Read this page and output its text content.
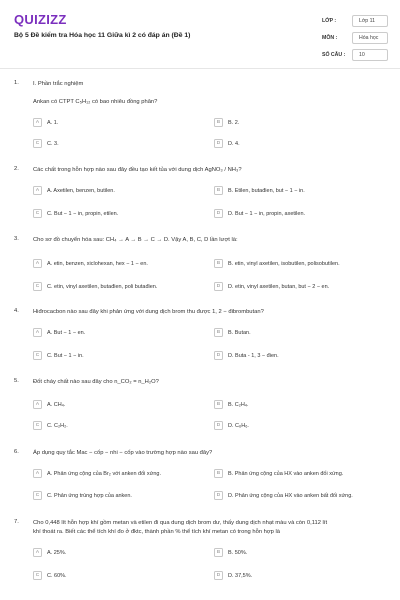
QUIZIZZ
Bộ 5 Đề kiểm tra Hóa học 11 Giữa kì 2 có đáp án (Đề 1)
LỚP :	Lớp 11
MÔN :	Hóa học
SỐ CÂU :	10
1. I. Phần trắc nghiệm
Ankan có CTPT C₅H₁₂ có bao nhiêu đồng phân?
A	A. 1.	B	B. 2.
C	C. 3.	D	D. 4.
2. Các chất trong hỗn hợp nào sau đây đều tạo kết tủa với dung dịch AgNO₃ / NH₃?
A	A. Axetilen, benzen, butilen.	B	B. Etilen, butađien, but − 1 − in.
C	C. But − 1 − in, propin, etilen.	D	D. But − 1 − in, propin, axetilen.
3. Cho sơ đồ chuyển hóa sau: CH₄ → A → B → C → D. Vậy A, B, C, D lần lượt là:
A	A. etin, benzen, xiclohexan, hex − 1 − en.	B	B. etin, vinyl axetilen, isobutilen, polisobutilen.
C	C. etin, vinyl axetilen, butađien, poli butađien.	D	D. etin, vinyl axetilen, butan, but − 2 − en.
4. Hiđrocacbon nào sau đây khi phản ứng với dung dịch brom thu được 1, 2 − đibrombutan?
A	A. But − 1 − en.	B	B. Butan.
C	C. But − 1 − in.	D	D. Buta - 1, 3 − đien.
5. Đốt cháy chất nào sau đây cho n_CO₂ = n_H₂O?
A	A. CH₄.	B	B. C₂H₄.
C	C. C₂H₂.	D	D. C₆H₆.
6. Áp dụng quy tắc Mac − cốp − nhi − cốp vào trường hợp nào sau đây?
A	A. Phản ứng cộng của Br₂ với anken đối xứng.	B	B. Phản ứng cộng của HX vào anken đối xứng.
C	C. Phản ứng trùng hợp của anken.	D	D. Phản ứng cộng của HX vào anken bất đối xứng.
7. Cho 0,448 lít hỗn hợp khí gồm metan và etilen đi qua dung dịch brom dư, thấy dung dịch nhạt màu và còn 0,112 lít
khí thoát ra. Biết các thể tích khí đo ở đktc, thành phần % thể tích khí metan có trong hỗn hợp là
A	A. 25%.	B	B. 50%.
C	C. 60%.	D	D. 37,5%.
